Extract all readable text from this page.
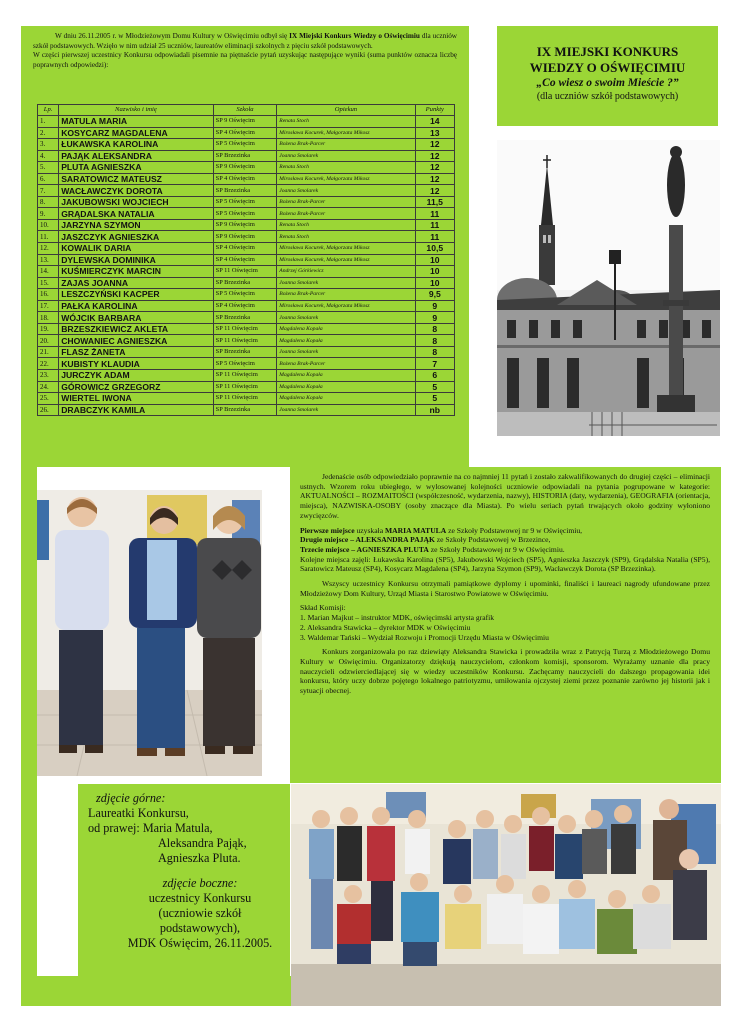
W dniu 26.11.2005 r. w Młodzieżowym Domu Kultury w Oświęcimiu odbył się IX Miejski Konkurs Wiedzy o Oświęcimiu dla uczniów szkół podstawowych. Wzięło w nim udział 25 uczniów, laureatów eliminacji szkolnych z pięciu szkół podstawowych.
W części pierwszej uczestnicy Konkursu odpowiadali pisemnie na piętnaście pytań uzyskując następujące wyniki (suma punktów oznacza liczbę poprawnych odpowiedzi):
Lp.	Nazwisko i imię	Szkoła	Opiekun	Punkty
1.	MATULA MARIA	SP 9 Oświęcim	Renata Stoch	14
2.	KOSYCARZ MAGDALENA	SP 4 Oświęcim	Mirosława Kocurek, Małgorzata Mikosz	13
3.	ŁUKAWSKA KAROLINA	SP 5 Oświęcim	Bożena Brak-Parcer	12
4.	PAJĄK ALEKSANDRA	SP Brzezinka	Joanna Smolarek	12
5.	PLUTA AGNIESZKA	SP 9 Oświęcim	Renata Stoch	12
6.	SARATOWICZ MATEUSZ	SP 4 Oświęcim	Mirosława Kocurek, Małgorzata Mikosz	12
7.	WACŁAWCZYK DOROTA	SP Brzezinka	Joanna Smolarek	12
8.	JAKUBOWSKI WOJCIECH	SP 5 Oświęcim	Bożena Brak-Parcer	11,5
9.	GRĄDALSKA NATALIA	SP 5 Oświęcim	Bożena Brak-Parcer	11
10.	JARZYNA SZYMON	SP 9 Oświęcim	Renata Stoch	11
11.	JASZCZYK AGNIESZKA	SP 9 Oświęcim	Renata Stoch	11
12.	KOWALIK DARIA	SP 4 Oświęcim	Mirosława Kocurek, Małgorzata Mikosz	10,5
13.	DYLEWSKA DOMINIKA	SP 4 Oświęcim	Mirosława Kocurek, Małgorzata Mikosz	10
14.	KUŚMIERCZYK MARCIN	SP 11 Oświęcim	Andrzej Górkiewicz	10
15.	ZAJAS JOANNA	SP Brzezinka	Joanna Smolarek	10
16.	LESZCZYŃSKI KACPER	SP 5 Oświęcim	Bożena Brak-Parcer	9,5
17.	PAŁKA KAROLINA	SP 4 Oświęcim	Mirosława Kocurek, Małgorzata Mikosz	9
18.	WÓJCIK BARBARA	SP Brzezinka	Joanna Smolarek	9
19.	BRZESZKIEWICZ AKLETA	SP 11 Oświęcim	Magdalena Kopała	8
20.	CHOWANIEC AGNIESZKA	SP 11 Oświęcim	Magdalena Kopała	8
21.	FLASZ ŻANETA	SP Brzezinka	Joanna Smolarek	8
22.	KUBISTY KLAUDIA	SP 5 Oświęcim	Bożena Brak-Parcer	7
23.	JURCZYK ADAM	SP 11 Oświęcim	Magdalena Kopała	6
24.	GÓROWICZ GRZEGORZ	SP 11 Oświęcim	Magdalena Kopała	5
25.	WIERTEL IWONA	SP 11 Oświęcim	Magdalena Kopała	5
26.	DRABCZYK KAMILA	SP Brzezinka	Joanna Smolarek	nb
IX MIEJSKI KONKURS
WIEDZY O OŚWIĘCIMIU
„Co wiesz o swoim Mieście ?”
(dla uczniów szkół podstawowych)

Jedenaście osób odpowiedziało poprawnie na co najmniej 11 pytań i zostało zakwalifikowanych do drugiej części – eliminacji ustnych. Wzorem roku ubiegłego, w wylosowanej kolejności uczniowie odpowiadali na pytania pogrupowane w kategorie: AKTUALNOŚCI – ROZMAITOŚCI (współczesność, wydarzenia, nazwy), HISTORIA (daty, wydarzenia), GEOGRAFIA (orientacja, miejsca), NAZWISKA-OSOBY (osoby znaczące dla Miasta). Po wielu seriach pytań trwających około godziny wyłoniono zwycięzców.

Pierwsze miejsce uzyskała MARIA MATULA ze Szkoły Podstawowej nr 9 w Oświęcimiu,

Drugie miejsce – ALEKSANDRA PAJĄK ze Szkoły Podstawowej w Brzezince,

Trzecie miejsce – AGNIESZKA PLUTA ze Szkoły Podstawowej nr 9 w Oświęcimiu.

Kolejne miejsca zajęli: Łukawska Karolina (SP5), Jakubowski Wojciech (SP5), Agnieszka Jaszczyk (SP9), Grądalska Natalia (SP5), Saratowicz Mateusz (SP4), Kosycarz Magdalena (SP4), Jarzyna Szymon (SP9), Wacławczyk Dorota (SP Brzezinka).

Wszyscy uczestnicy Konkursu otrzymali pamiątkowe dyplomy i upominki, finaliści i laureaci nagrody ufundowane przez Młodzieżowy Dom Kultury, Urząd Miasta i Starostwo Powiatowe w Oświęcimiu.

Skład Komisji:

1. Marian Majkut – instruktor MDK, oświęcimski artysta grafik

2. Aleksandra Stawicka – dyrektor MDK w Oświęcimiu

3. Waldemar Tański – Wydział Rozwoju i Promocji Urzędu Miasta w Oświęcimiu

Konkurs zorganizowała po raz dziewiąty Aleksandra Stawicka i prowadziła wraz z Patrycją Turzą z Młodzieżowego Domu Kultury w Oświęcimiu. Organizatorzy dziękują nauczycielom, członkom komisji, sponsorom. Wyrażamy uznanie dla pracy nauczycieli odzwierciedlającej się w wiedzy uczestników Konkursu. Zachęcamy nauczycieli do dalszego propagowania idei konkursu, który uczy dobrze pojętego lokalnego patriotyzmu, umiłowania ojczystej ziemi przez poznanie zarówno jej historii jak i sytuacji obecnej.

zdjęcie górne:
Laureatki Konkursu,
od prawej: Maria Matula,
Aleksandra Pająk,
Agnieszka Pluta.
zdjęcie boczne:
uczestnicy Konkursu
(uczniowie szkół podstawowych),
MDK Oświęcim, 26.11.2005.
